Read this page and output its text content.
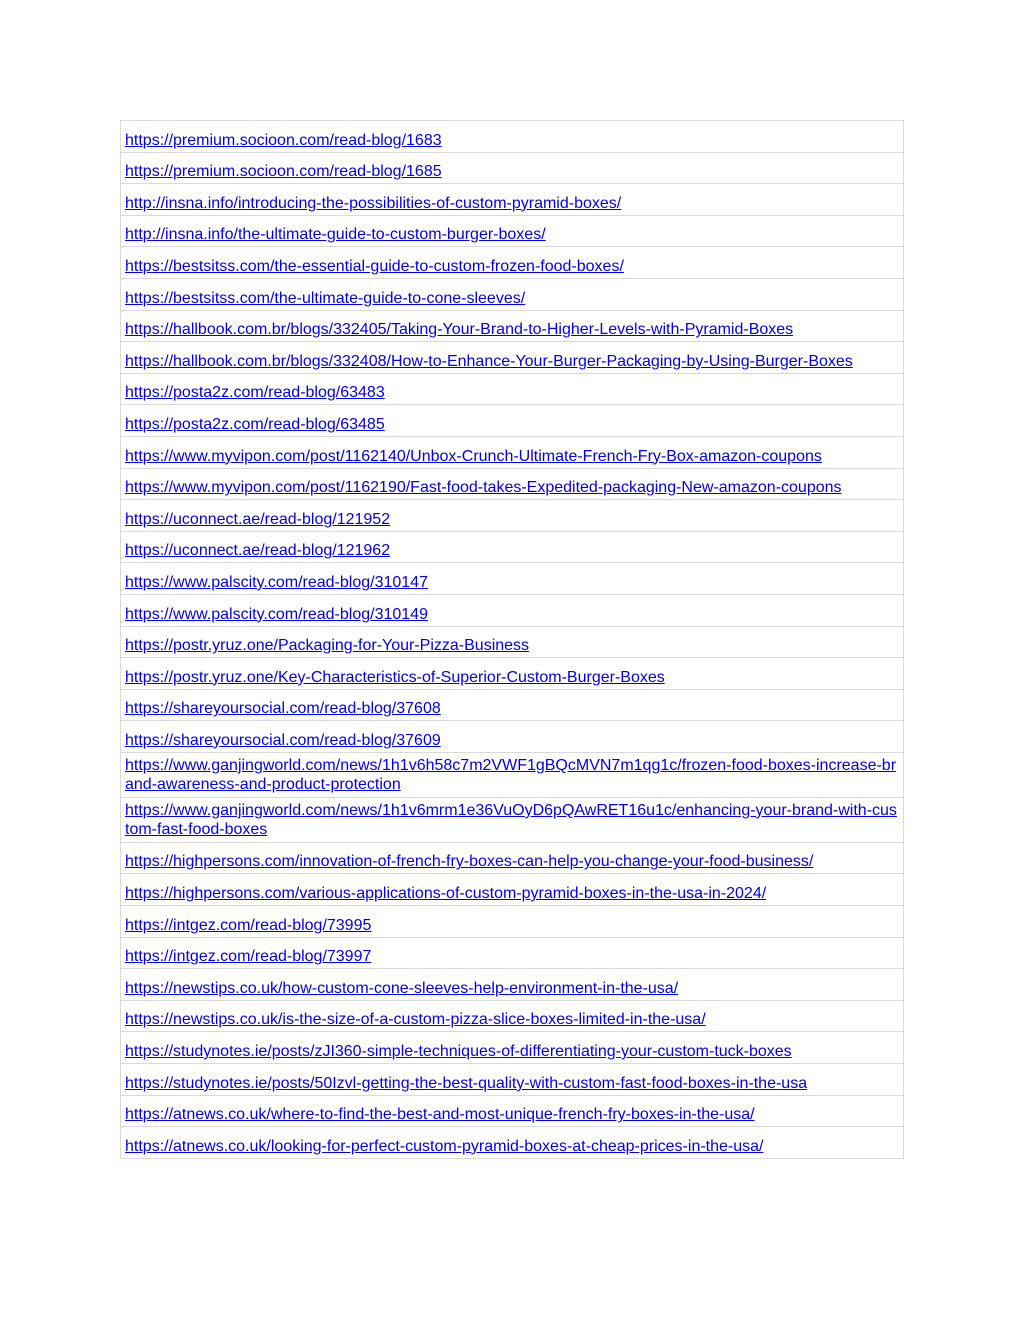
https://premium.socioon.com/read-blog/1683
https://premium.socioon.com/read-blog/1685
http://insna.info/introducing-the-possibilities-of-custom-pyramid-boxes/
http://insna.info/the-ultimate-guide-to-custom-burger-boxes/
https://bestsitss.com/the-essential-guide-to-custom-frozen-food-boxes/
https://bestsitss.com/the-ultimate-guide-to-cone-sleeves/
https://hallbook.com.br/blogs/332405/Taking-Your-Brand-to-Higher-Levels-with-Pyramid-Boxes
https://hallbook.com.br/blogs/332408/How-to-Enhance-Your-Burger-Packaging-by-Using-Burger-Boxes
https://posta2z.com/read-blog/63483
https://posta2z.com/read-blog/63485
https://www.myvipon.com/post/1162140/Unbox-Crunch-Ultimate-French-Fry-Box-amazon-coupons
https://www.myvipon.com/post/1162190/Fast-food-takes-Expedited-packaging-New-amazon-coupons
https://uconnect.ae/read-blog/121952
https://uconnect.ae/read-blog/121962
https://www.palscity.com/read-blog/310147
https://www.palscity.com/read-blog/310149
https://postr.yruz.one/Packaging-for-Your-Pizza-Business
https://postr.yruz.one/Key-Characteristics-of-Superior-Custom-Burger-Boxes
https://shareyoursocial.com/read-blog/37608
https://shareyoursocial.com/read-blog/37609
https://www.ganjingworld.com/news/1h1v6h58c7m2VWF1gBQcMVN7m1qg1c/frozen-food-boxes-increase-brand-awareness-and-product-protection
https://www.ganjingworld.com/news/1h1v6mrm1e36VuOyD6pQAwRET16u1c/enhancing-your-brand-with-custom-fast-food-boxes
https://highpersons.com/innovation-of-french-fry-boxes-can-help-you-change-your-food-business/
https://highpersons.com/various-applications-of-custom-pyramid-boxes-in-the-usa-in-2024/
https://intgez.com/read-blog/73995
https://intgez.com/read-blog/73997
https://newstips.co.uk/how-custom-cone-sleeves-help-environment-in-the-usa/
https://newstips.co.uk/is-the-size-of-a-custom-pizza-slice-boxes-limited-in-the-usa/
https://studynotes.ie/posts/zJI360-simple-techniques-of-differentiating-your-custom-tuck-boxes
https://studynotes.ie/posts/50Izvl-getting-the-best-quality-with-custom-fast-food-boxes-in-the-usa
https://atnews.co.uk/where-to-find-the-best-and-most-unique-french-fry-boxes-in-the-usa/
https://atnews.co.uk/looking-for-perfect-custom-pyramid-boxes-at-cheap-prices-in-the-usa/
